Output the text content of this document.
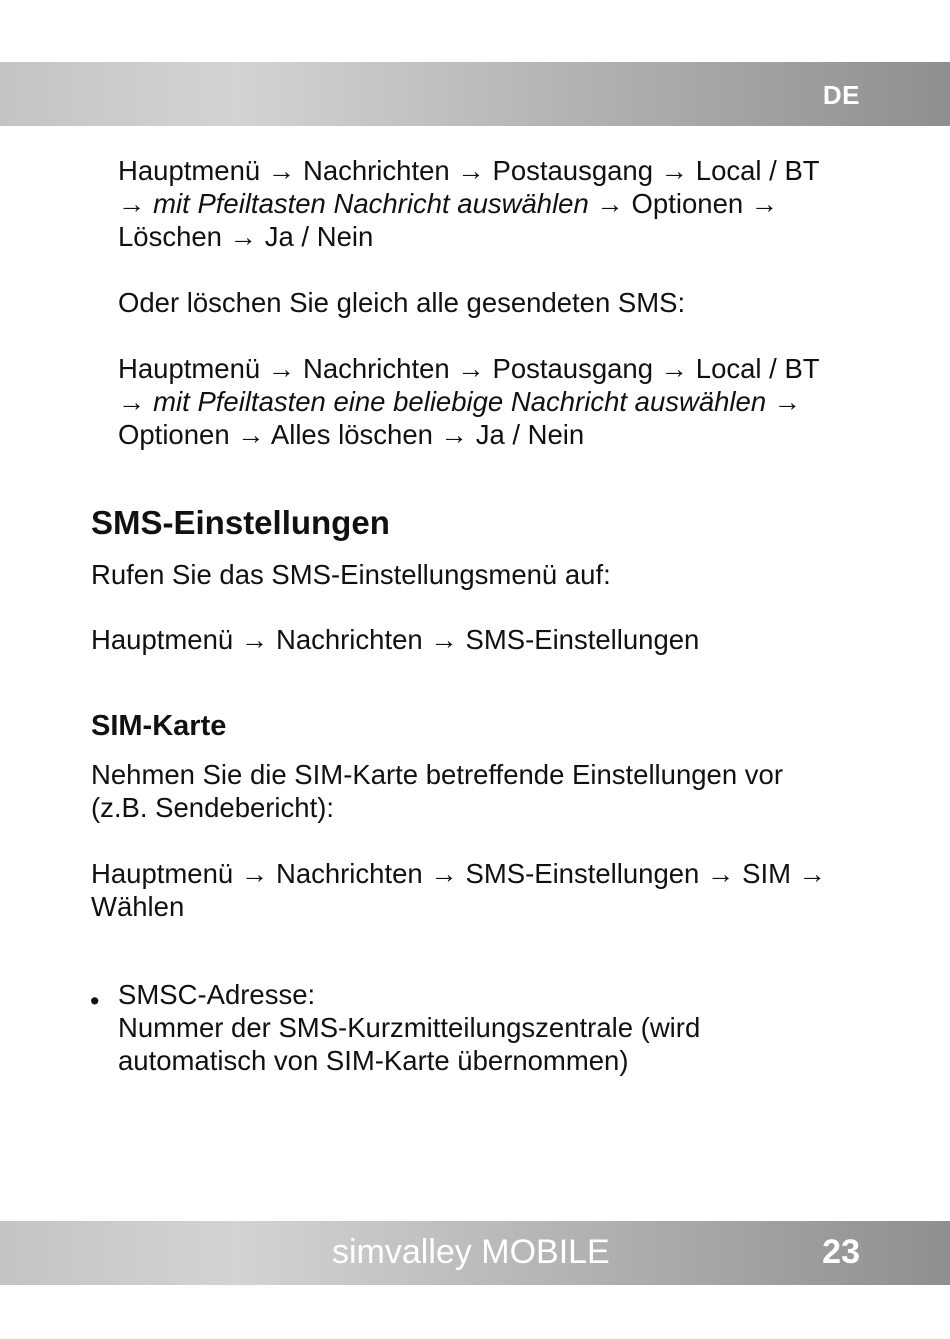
DE

Hauptmenü → Nachrichten → Postausgang → Local / BT

→ mit Pfeiltasten Nachricht auswählen → Optionen →

Löschen → Ja / Nein

Oder löschen Sie gleich alle gesendeten SMS:

Hauptmenü → Nachrichten → Postausgang → Local / BT

→ mit Pfeiltasten eine beliebige Nachricht auswählen →

Optionen → Alles löschen → Ja / Nein

SMS-Einstellungen

Rufen Sie das SMS-Einstellungsmenü auf:

Hauptmenü → Nachrichten → SMS-Einstellungen

SIM-Karte

Nehmen Sie die SIM-Karte betreffende Einstellungen vor

(z.B. Sendebericht):

Hauptmenü → Nachrichten → SMS-Einstellungen → SIM →

Wählen

• SMSC-Adresse:

Nummer der SMS-Kurzmitteilungszentrale (wird

automatisch von SIM-Karte übernommen)

simvalley MOBILE	23
